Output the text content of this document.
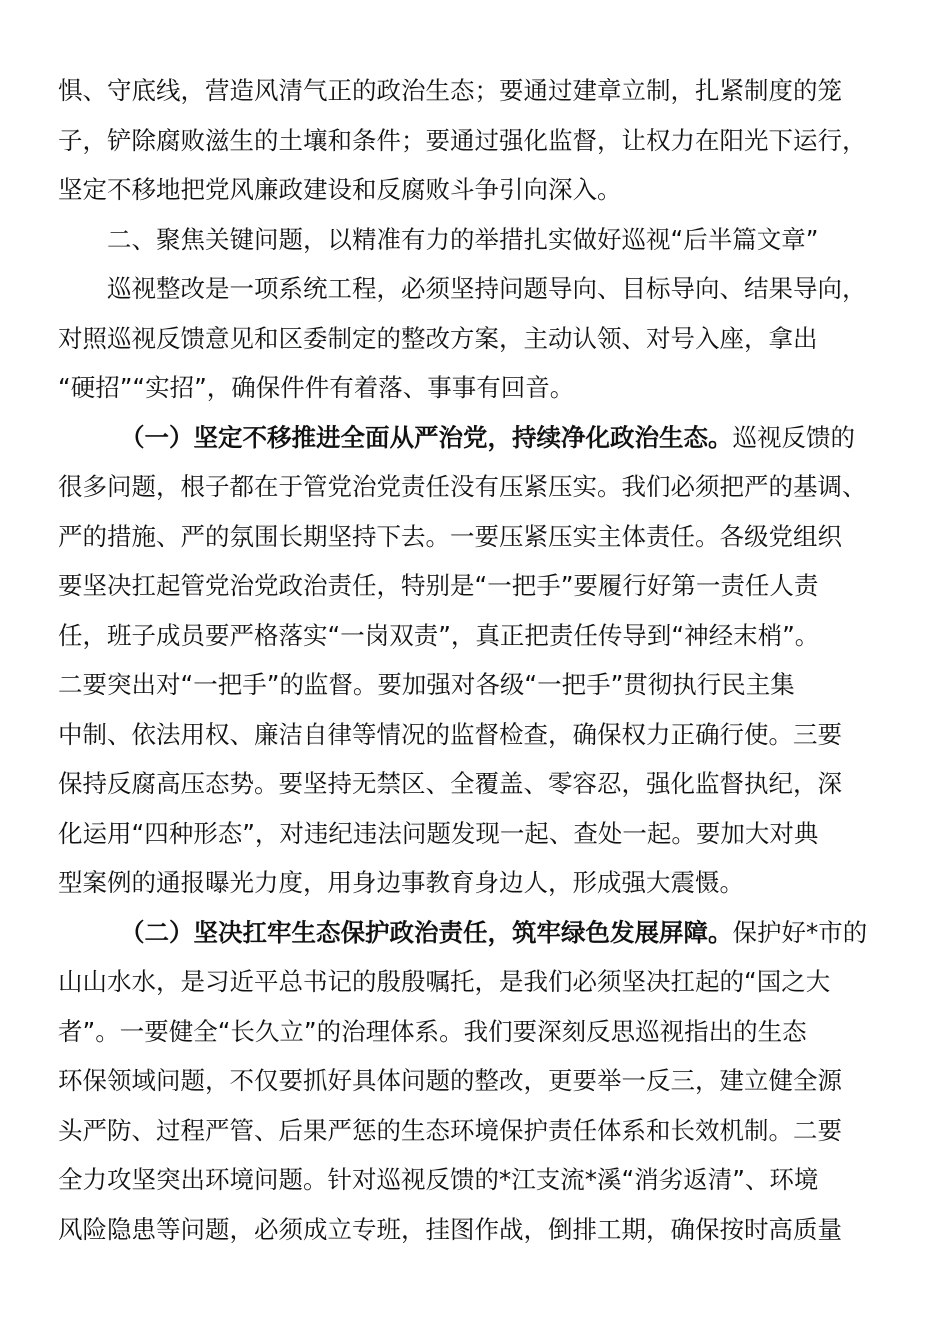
惧、守底线，营造风清气正的政治生态；要通过建章立制，扎紧制度的笼
子，铲除腐败滋生的土壤和条件；要通过强化监督，让权力在阳光下运行，
坚定不移地把党风廉政建设和反腐败斗争引向深入。
二、聚焦关键问题，以精准有力的举措扎实做好巡视“后半篇文章”
巡视整改是一项系统工程，必须坚持问题导向、目标导向、结果导向，
对照巡视反馈意见和区委制定的整改方案，主动认领、对号入座，拿出
“硬招”“实招”，确保件件有着落、事事有回音。
（一）坚定不移推进全面从严治党，持续净化政治生态。巡视反馈的
很多问题，根子都在于管党治党责任没有压紧压实。我们必须把严的基调、
严的措施、严的氛围长期坚持下去。一要压紧压实主体责任。各级党组织
要坚决扛起管党治党政治责任，特别是“一把手”要履行好第一责任人责
任，班子成员要严格落实“一岗双责”，真正把责任传导到“神经末梢”。
二要突出对“一把手”的监督。要加强对各级“一把手”贯彻执行民主集
中制、依法用权、廉洁自律等情况的监督检查，确保权力正确行使。三要
保持反腐高压态势。要坚持无禁区、全覆盖、零容忍，强化监督执纪，深
化运用“四种形态”，对违纪违法问题发现一起、查处一起。要加大对典
型案例的通报曝光力度，用身边事教育身边人，形成强大震慑。
（二）坚决扛牢生态保护政治责任，筑牢绿色发展屏障。保护好*市的
山山水水，是习近平总书记的殷殷嘱托，是我们必须坚决扛起的“国之大
者”。一要健全“长久立”的治理体系。我们要深刻反思巡视指出的生态
环保领域问题，不仅要抓好具体问题的整改，更要举一反三，建立健全源
头严防、过程严管、后果严惩的生态环境保护责任体系和长效机制。二要
全力攻坚突出环境问题。针对巡视反馈的*江支流*溪“消劣返清”、环境
风险隐患等问题，必须成立专班，挂图作战，倒排工期，确保按时高质量
